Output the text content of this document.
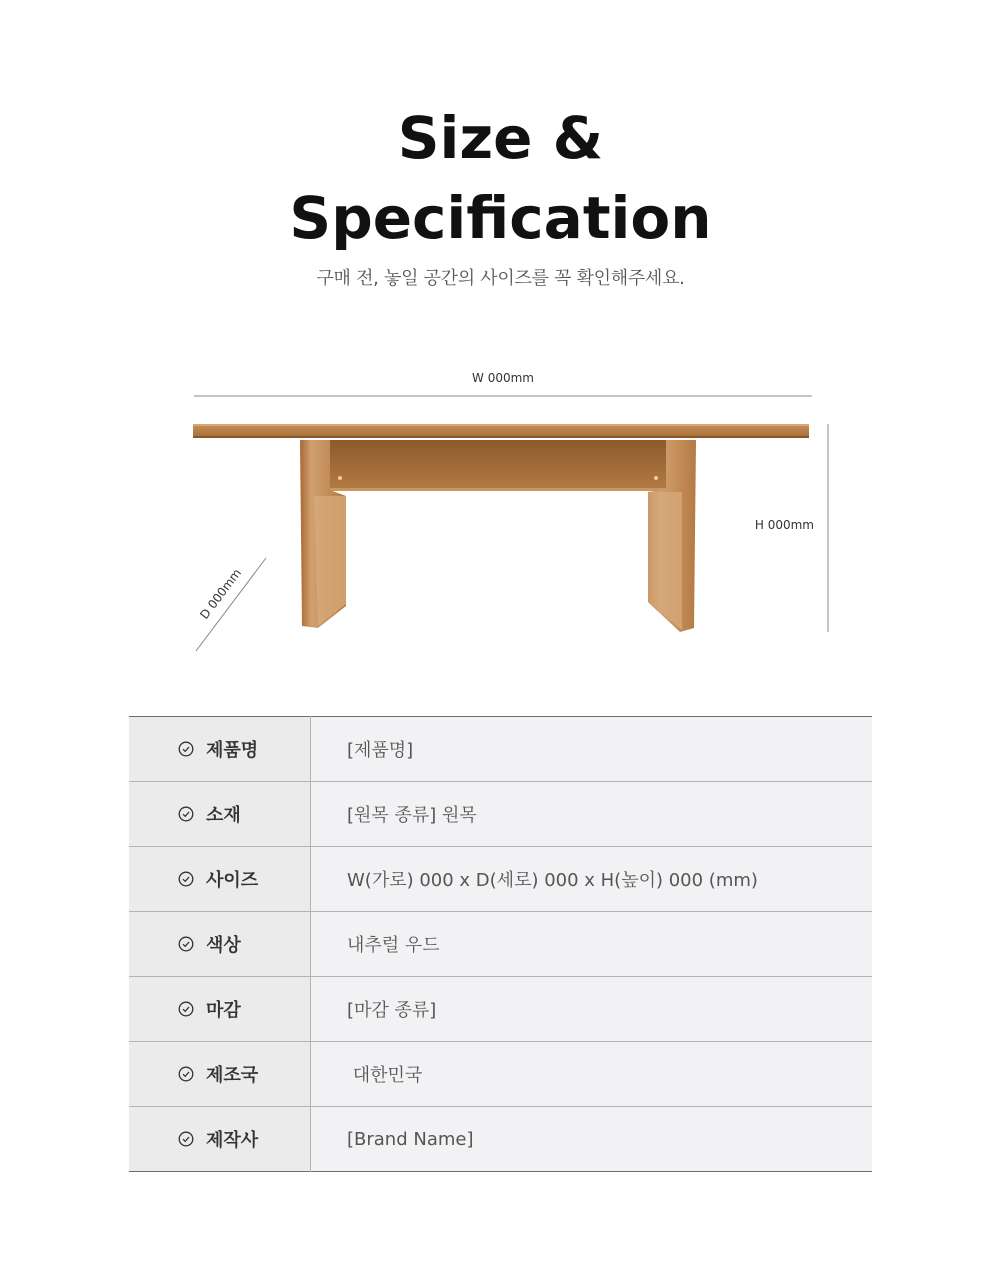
Size &
Specification
구매 전, 놓일 공간의 사이즈를 꼭 확인해주세요.
W 000mm
H 000mm
D 000mm
제품명	[제품명]

소재	[원목 종류] 원목

사이즈	W(가로) 000 x D(세로) 000 x H(높이) 000 (mm)

색상	내추럴 우드

마감	[마감 종류]

제조국	대한민국

제작사	[Brand Name]
